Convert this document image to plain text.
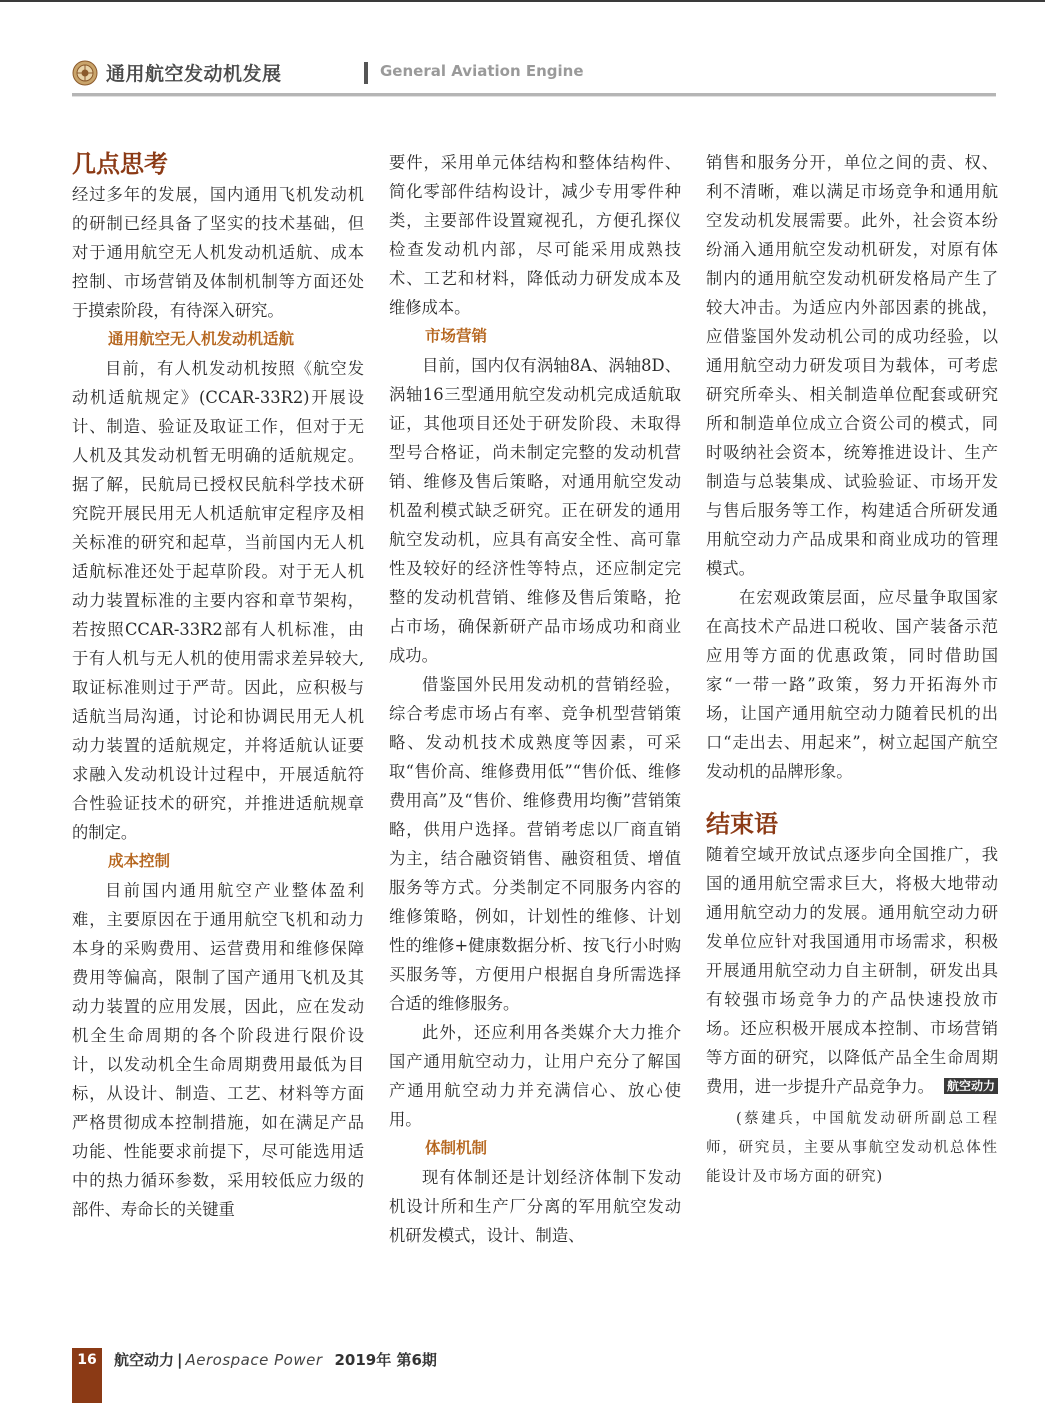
通用航空发动机发展	General Aviation Engine
几点思考

经过多年的发展，国内通用飞机发动机的研制已经具备了坚实的技术基础，但对于通用航空无人机发动机适航、成本控制、市场营销及体制机制等方面还处于摸索阶段，有待深入研究。

通用航空无人机发动机适航

目前，有人机发动机按照《航空发动机适航规定》(CCAR-33R2)开展设计、制造、验证及取证工作，但对于无人机及其发动机暂无明确的适航规定。据了解，民航局已授权民航科学技术研究院开展民用无人机适航审定程序及相关标准的研究和起草，当前国内无人机适航标准还处于起草阶段。对于无人机动力装置标准的主要内容和章节架构，若按照CCAR-33R2部有人机标准，由于有人机与无人机的使用需求差异较大,取证标准则过于严苛。因此，应积极与适航当局沟通，讨论和协调民用无人机动力装置的适航规定，并将适航认证要求融入发动机设计过程中，开展适航符合性验证技术的研究，并推进适航规章的制定。

成本控制

目前国内通用航空产业整体盈利难，主要原因在于通用航空飞机和动力本身的采购费用、运营费用和维修保障费用等偏高，限制了国产通用飞机及其动力装置的应用发展，因此，应在发动机全生命周期的各个阶段进行限价设计，以发动机全生命周期费用最低为目标，从设计、制造、工艺、材料等方面严格贯彻成本控制措施，如在满足产品功能、性能要求前提下，尽可能选用适中的热力循环参数，采用较低应力级的部件、寿命长的关键重

要件，采用单元体结构和整体结构件、简化零部件结构设计，减少专用零件种类，主要部件设置窥视孔，方便孔探仪检查发动机内部，尽可能采用成熟技术、工艺和材料，降低动力研发成本及维修成本。

市场营销

目前，国内仅有涡轴8A、涡轴8D、涡轴16三型通用航空发动机完成适航取证，其他项目还处于研发阶段、未取得型号合格证，尚未制定完整的发动机营销、维修及售后策略，对通用航空发动机盈利模式缺乏研究。正在研发的通用航空发动机，应具有高安全性、高可靠性及较好的经济性等特点，还应制定完整的发动机营销、维修及售后策略，抢占市场，确保新研产品市场成功和商业成功。

借鉴国外民用发动机的营销经验，综合考虑市场占有率、竞争机型营销策略、发动机技术成熟度等因素，可采取“售价高、维修费用低”“售价低、维修费用高”及“售价、维修费用均衡”营销策略，供用户选择。营销考虑以厂商直销为主，结合融资销售、融资租赁、增值服务等方式。分类制定不同服务内容的维修策略，例如，计划性的维修、计划性的维修+健康数据分析、按飞行小时购买服务等，方便用户根据自身所需选择合适的维修服务。

此外，还应利用各类媒介大力推介国产通用航空动力，让用户充分了解国产通用航空动力并充满信心、放心使用。

体制机制

现有体制还是计划经济体制下发动机设计所和生产厂分离的军用航空发动机研发模式，设计、制造、

销售和服务分开，单位之间的责、权、利不清晰，难以满足市场竞争和通用航空发动机发展需要。此外，社会资本纷纷涌入通用航空发动机研发，对原有体制内的通用航空发动机研发格局产生了较大冲击。为适应内外部因素的挑战，应借鉴国外发动机公司的成功经验，以通用航空动力研发项目为载体，可考虑研究所牵头、相关制造单位配套或研究所和制造单位成立合资公司的模式，同时吸纳社会资本，统筹推进设计、生产制造与总装集成、试验验证、市场开发与售后服务等工作，构建适合所研发通用航空动力产品成果和商业成功的管理模式。

在宏观政策层面，应尽量争取国家在高技术产品进口税收、国产装备示范应用等方面的优惠政策，同时借助国家“一带一路”政策，努力开拓海外市场，让国产通用航空动力随着民机的出口“走出去、用起来”，树立起国产航空发动机的品牌形象。

结束语

随着空域开放试点逐步向全国推广，我国的通用航空需求巨大，将极大地带动通用航空动力的发展。通用航空动力研发单位应针对我国通用市场需求，积极开展通用航空动力自主研制，研发出具有较强市场竞争力的产品快速投放市场。还应积极开展成本控制、市场营销等方面的研究，以降低产品全生命周期费用，进一步提升产品竞争力。 航空动力

(蔡建兵，中国航发动研所副总工程师，研究员，主要从事航空发动机总体性能设计及市场方面的研究)

16	航空动力 | Aerospace Power 2019年 第6期
